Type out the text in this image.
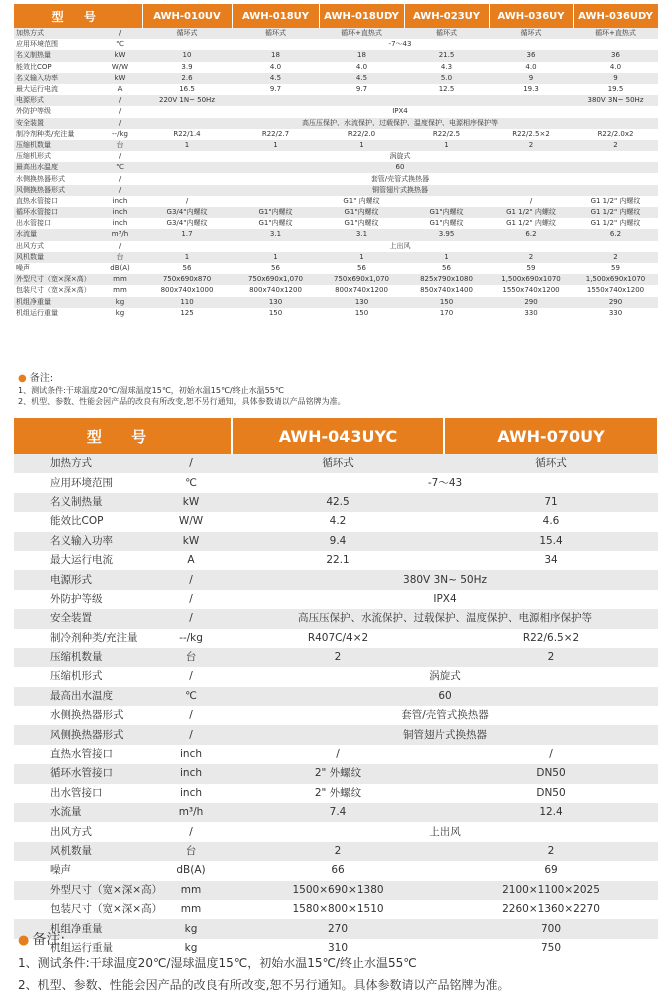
型 号		AWH-010UV	AWH-018UY	AWH-018UDY	AWH-023UY	AWH-036UY	AWH-036UDY
加热方式	/	循环式	循环式	循环+直热式	循环式	循环式	循环+直热式
应用环境范围	℃	-7～43					
名义制热量	kW	10	18	18	21.5	36	36
能效比COP	W/W	3.9	4.0	4.0	4.3	4.0	4.0
名义输入功率	kW	2.6	4.5	4.5	5.0	9	9
最大运行电流	A	16.5	9.7	9.7	12.5	19.3	19.5
电源形式	/	220V 1N~ 50Hz					380V 3N~ 50Hz
外防护等级	/	IPX4					
安全装置	/	高压压保护、水流保护、过载保护、温度保护、电源相序保护等					
制冷剂种类/充注量	--/kg	R22/1.4	R22/2.7	R22/2.0	R22/2.5	R22/2.5×2	R22/2.0x2
压缩机数量	台	1	1	1	1	2	2
压缩机形式	/	涡旋式					
最高出水温度	℃	60					
水侧换热器形式	/	套管/壳管式换热器					
风侧换热器形式	/	铜管翅片式换热器					
直热水管接口	inch	/		G1" 内螺纹		/	G1 1/2" 内螺纹
循环水管接口	inch	G3/4"内螺纹	G1"内螺纹	G1"内螺纹	G1"内螺纹	G1 1/2" 内螺纹	G1 1/2" 内螺纹
出水管接口	inch	G3/4"内螺纹	G1"内螺纹	G1"内螺纹	G1"内螺纹	G1 1/2" 内螺纹	G1 1/2" 内螺纹
水流量	m³/h	1.7	3.1	3.1	3.95	6.2	6.2
出风方式	/	上出风					
风机数量	台	1	1	1	1	2	2
噪声	dB(A)	56	56	56	56	59	59
外型尺寸（宽×深×高）	mm	750x690x870	750x690x1,070	750x690x1,070	825x790x1080	1,500x690x1070	1,500x690x1070
包装尺寸（宽×深×高）	mm	800x740x1000	800x740x1200	800x740x1200	850x740x1400	1550x740x1200	1550x740x1200
机组净重量	kg	110	130	130	150	290	290
机组运行重量	kg	125	150	150	170	330	330
● 备注:
1、测试条件:干球温度20℃/湿球温度15℃，初始水温15℃/终止水温55℃
2、机型、参数、性能会因产品的改良有所改变,恕不另行通知，具体参数请以产品铭牌为准。
型 号		AWH-043UYC	AWH-070UY
加热方式	/	循环式	循环式
应用环境范围	℃	-7～43	
名义制热量	kW	42.5	71
能效比COP	W/W	4.2	4.6
名义输入功率	kW	9.4	15.4
最大运行电流	A	22.1	34
电源形式	/	380V 3N~ 50Hz	
外防护等级	/	IPX4	
安全装置	/	高压压保护、水流保护、过载保护、温度保护、电源相序保护等	
制冷剂种类/充注量	--/kg	R407C/4×2	R22/6.5×2
压缩机数量	台	2	2
压缩机形式	/	涡旋式	
最高出水温度	℃	60	
水侧换热器形式	/	套管/壳管式换热器	
风侧换热器形式	/	铜管翅片式换热器	
直热水管接口	inch	/	/
循环水管接口	inch	2" 外螺纹	DN50
出水管接口	inch	2" 外螺纹	DN50
水流量	m³/h	7.4	12.4
出风方式	/	上出风	
风机数量	台	2	2
噪声	dB(A)	66	69
外型尺寸（宽×深×高）	mm	1500×690×1380	2100×1100×2025
包装尺寸（宽×深×高）	mm	1580×800×1510	2260×1360×2270
机组净重量	kg	270	700
机组运行重量	kg	310	750
● 备注:
1、测试条件:干球温度20℃/湿球温度15℃，初始水温15℃/终止水温55℃
2、机型、参数、性能会因产品的改良有所改变,恕不另行通知。具体参数请以产品铭牌为准。
